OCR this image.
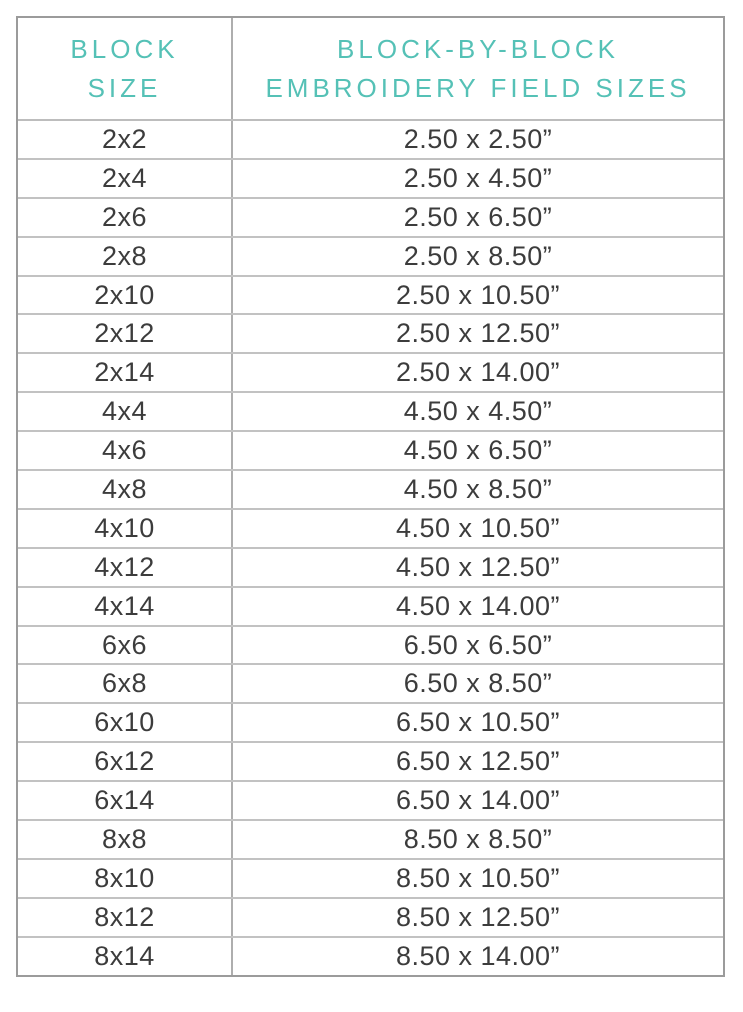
BLOCK
SIZE	BLOCK-BY-BLOCK
EMBROIDERY FIELD SIZES
2x2	2.50 x 2.50”
2x4	2.50 x 4.50”
2x6	2.50 x 6.50”
2x8	2.50 x 8.50”
2x10	2.50 x 10.50”
2x12	2.50 x 12.50”
2x14	2.50 x 14.00”
4x4	4.50 x 4.50”
4x6	4.50 x 6.50”
4x8	4.50 x 8.50”
4x10	4.50 x 10.50”
4x12	4.50 x 12.50”
4x14	4.50 x 14.00”
6x6	6.50 x 6.50”
6x8	6.50 x 8.50”
6x10	6.50 x 10.50”
6x12	6.50 x 12.50”
6x14	6.50 x 14.00”
8x8	8.50 x 8.50”
8x10	8.50 x 10.50”
8x12	8.50 x 12.50”
8x14	8.50 x 14.00”
